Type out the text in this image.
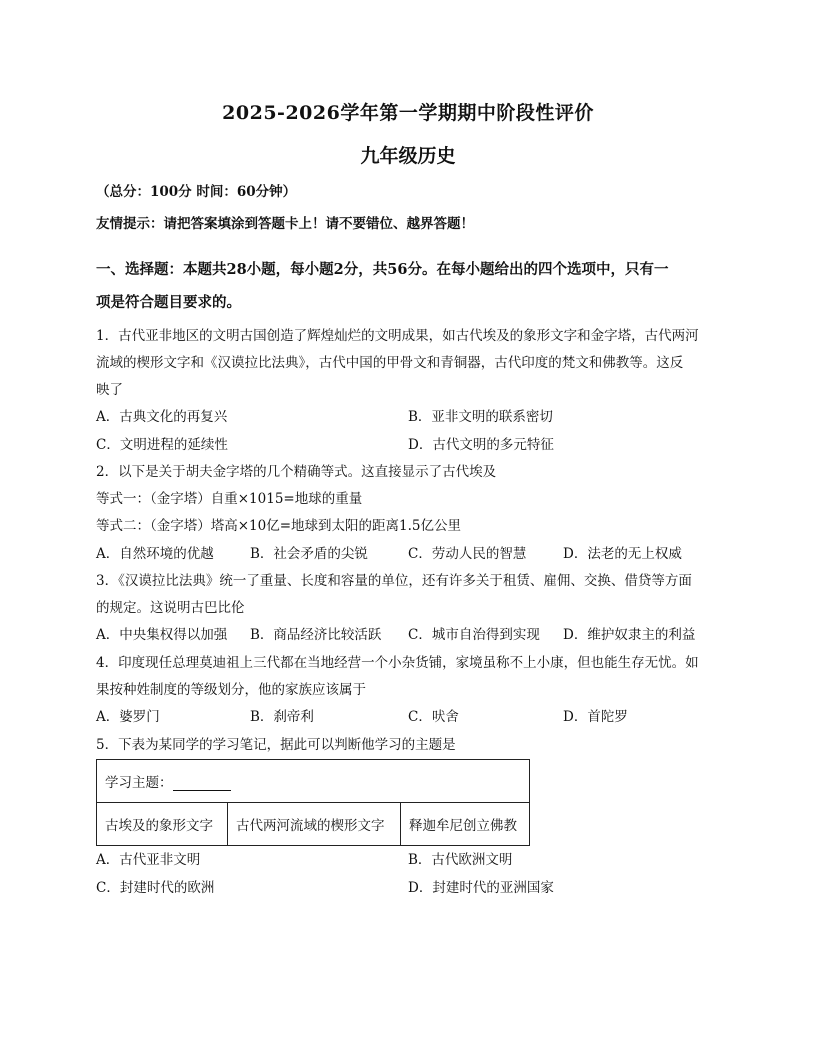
2025-2026学年第一学期期中阶段性评价
九年级历史
（总分：100分 时间：60分钟）
友情提示：请把答案填涂到答题卡上！请不要错位、越界答题！
一、选择题：本题共28小题，每小题2分，共56分。在每小题给出的四个选项中，只有一
项是符合题目要求的。
1．古代亚非地区的文明古国创造了辉煌灿烂的文明成果，如古代埃及的象形文字和金字塔，古代两河
流域的楔形文字和《汉谟拉比法典》，古代中国的甲骨文和青铜器，古代印度的梵文和佛教等。这反
映了
A．古典文化的再复兴	B．亚非文明的联系密切
C．文明进程的延续性	D．古代文明的多元特征
2．以下是关于胡夫金字塔的几个精确等式。这直接显示了古代埃及
等式一：（金字塔）自重×1015=地球的重量
等式二：（金字塔）塔高×10亿=地球到太阳的距离1.5亿公里
A．自然环境的优越	B．社会矛盾的尖锐	C．劳动人民的智慧	D．法老的无上权威
3．《汉谟拉比法典》统一了重量、长度和容量的单位，还有许多关于租赁、雇佣、交换、借贷等方面
的规定。这说明古巴比伦
A．中央集权得以加强 B．商品经济比较活跃 C．城市自治得到实现 D．维护奴隶主的利益
4．印度现任总理莫迪祖上三代都在当地经营一个小杂货铺，家境虽称不上小康，但也能生存无忧。如
果按种姓制度的等级划分，他的家族应该属于
A．婆罗门	B．刹帝利	C．吠舍	D．首陀罗
5．下表为某同学的学习笔记，据此可以判断他学习的主题是
学习主题：
古埃及的象形文字	古代两河流域的楔形文字	释迦牟尼创立佛教
A．古代亚非文明	B．古代欧洲文明
C．封建时代的欧洲	D．封建时代的亚洲国家
